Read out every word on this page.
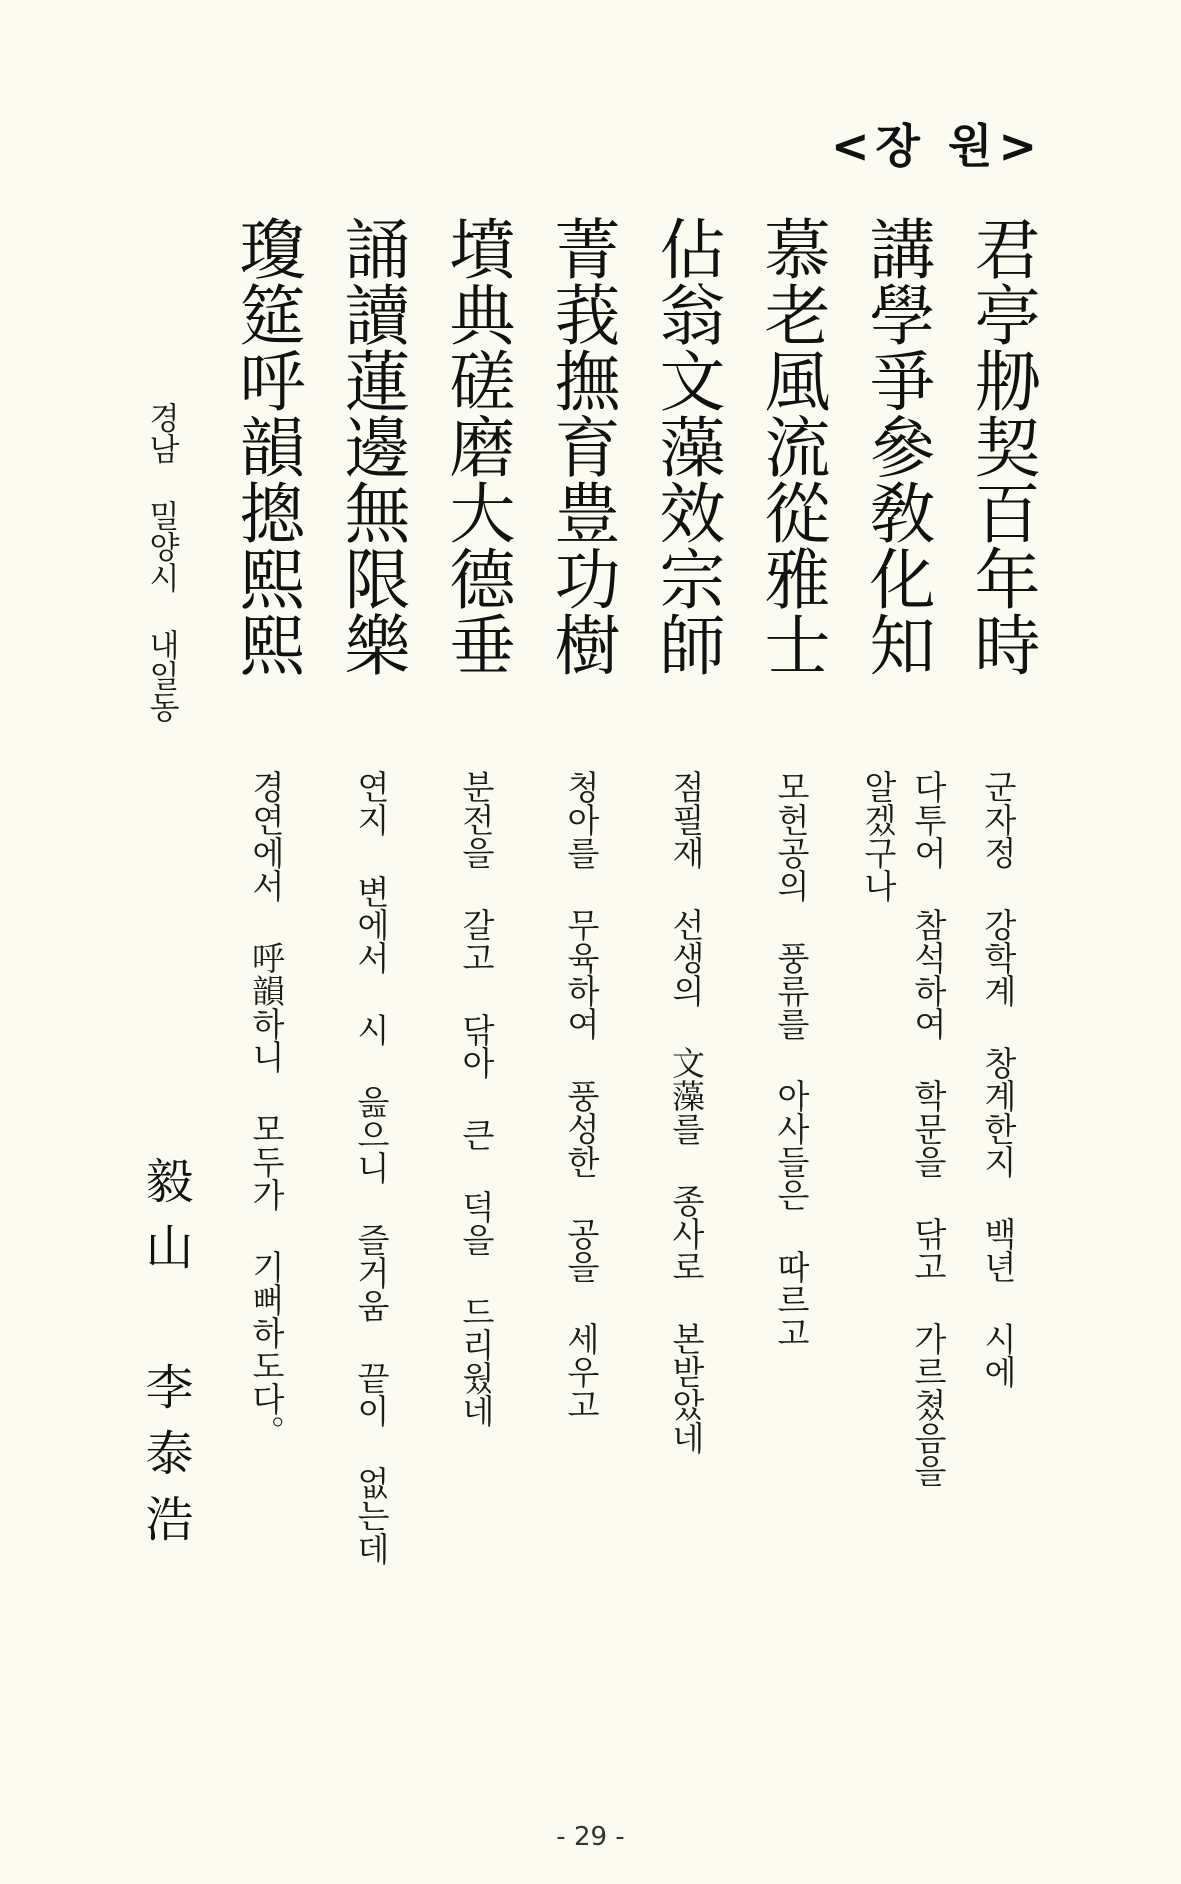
<장 원>

君亭刱契百年時

講學爭參敎化知

慕老風流從雅士

佔翁文藻效宗師

菁莪撫育豊功樹

墳典磋磨大德垂

誦讀蓮邊無限樂

瓊筵呼韻摠熙熙

군자정 강학계 창계한지 백년 시에

다투어 참석하여 학문을 닦고 가르쳤음을

알겠구나

모헌공의 풍류를 아사들은 따르고

점필재 선생의 文藻를 종사로 본받았네

청아를 무육하여 풍성한 공을 세우고

분전을 갈고 닦아 큰 덕을 드리웠네

연지 변에서 시 읊으니 즐거움 끝이 없는데

경연에서 呼韻하니 모두가 기뻐하도다。

경남 밀양시 내일동

毅山 李泰浩

- 29 -
